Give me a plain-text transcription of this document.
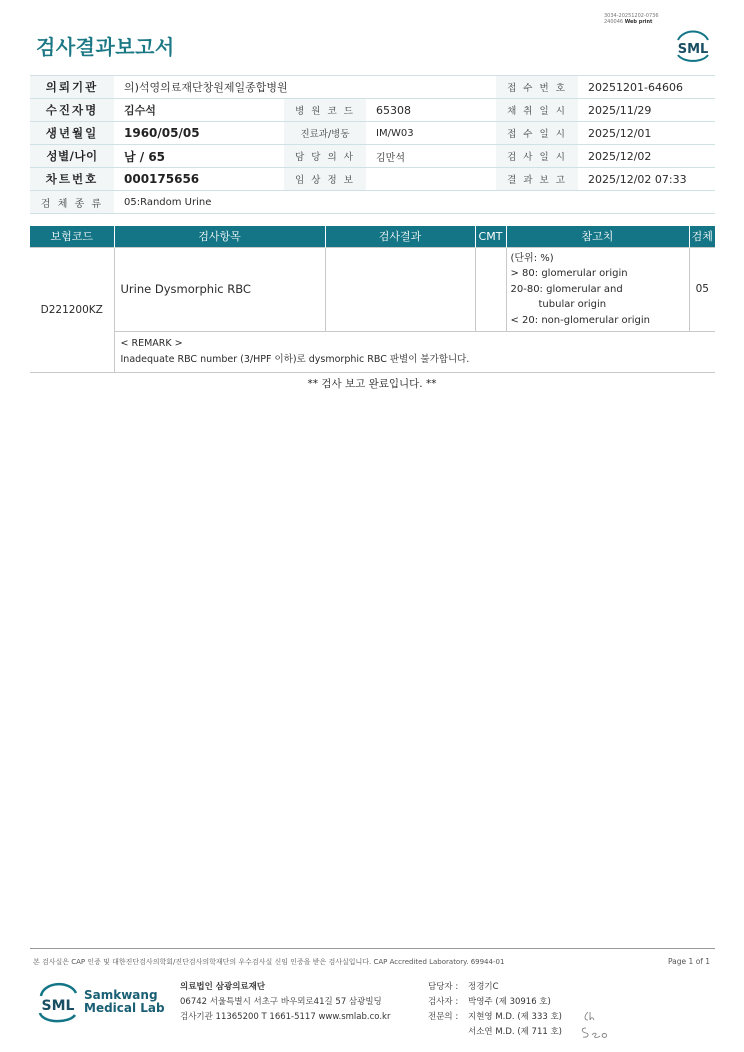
3034-20251202-0736
240046 Web print
검사결과보고서	SML
의뢰기관	의)석영의료재단창원제일종합병원			접 수 번 호	20251201-64606
수진자명	김수석	병 원 코 드	65308	채 취 일 시	2025/11/29
생년월일	1960/05/05	진료과/병동	IM/W03	접 수 일 시	2025/12/01
성별/나이	남 / 65	담 당 의 사	김만석	검 사 일 시	2025/12/02
차트번호	000175656	임 상 정 보		결 과 보 고	2025/12/02 07:33
검 체 종 류	05:Random Urine				
보험코드	검사항목	검사결과	CMT	참고치	검체
D221200KZ	Urine Dysmorphic RBC			(단위: %)
> 80: glomerular origin
20-80: glomerular and
tubular origin
< 20: non-glomerular origin	05

	< REMARK >
Inadequate RBC number (3/HPF 이하)로 dysmorphic RBC 판별이 불가합니다.				
** 검사 보고 완료입니다. **
본 검사실은 CAP 인증 및 대한진단검사의학회/진단검사의학재단의 우수검사실 신임 인증을 받은 검사실입니다. CAP Accredited Laboratory. 69944-01	Page 1 of 1
SML
Samkwang
Medical Lab
의료법인 삼광의료재단
06742 서울특별시 서초구 바우뫼로41길 57 삼광빌딩
검사기관 11365200 T 1661-5117 www.smlab.co.kr
담당자 :	정경기C
검사자 :	박영주 (제 30916 호)
전문의 :	지현영 M.D. (제 333 호)
서소연 M.D. (제 711 호)
